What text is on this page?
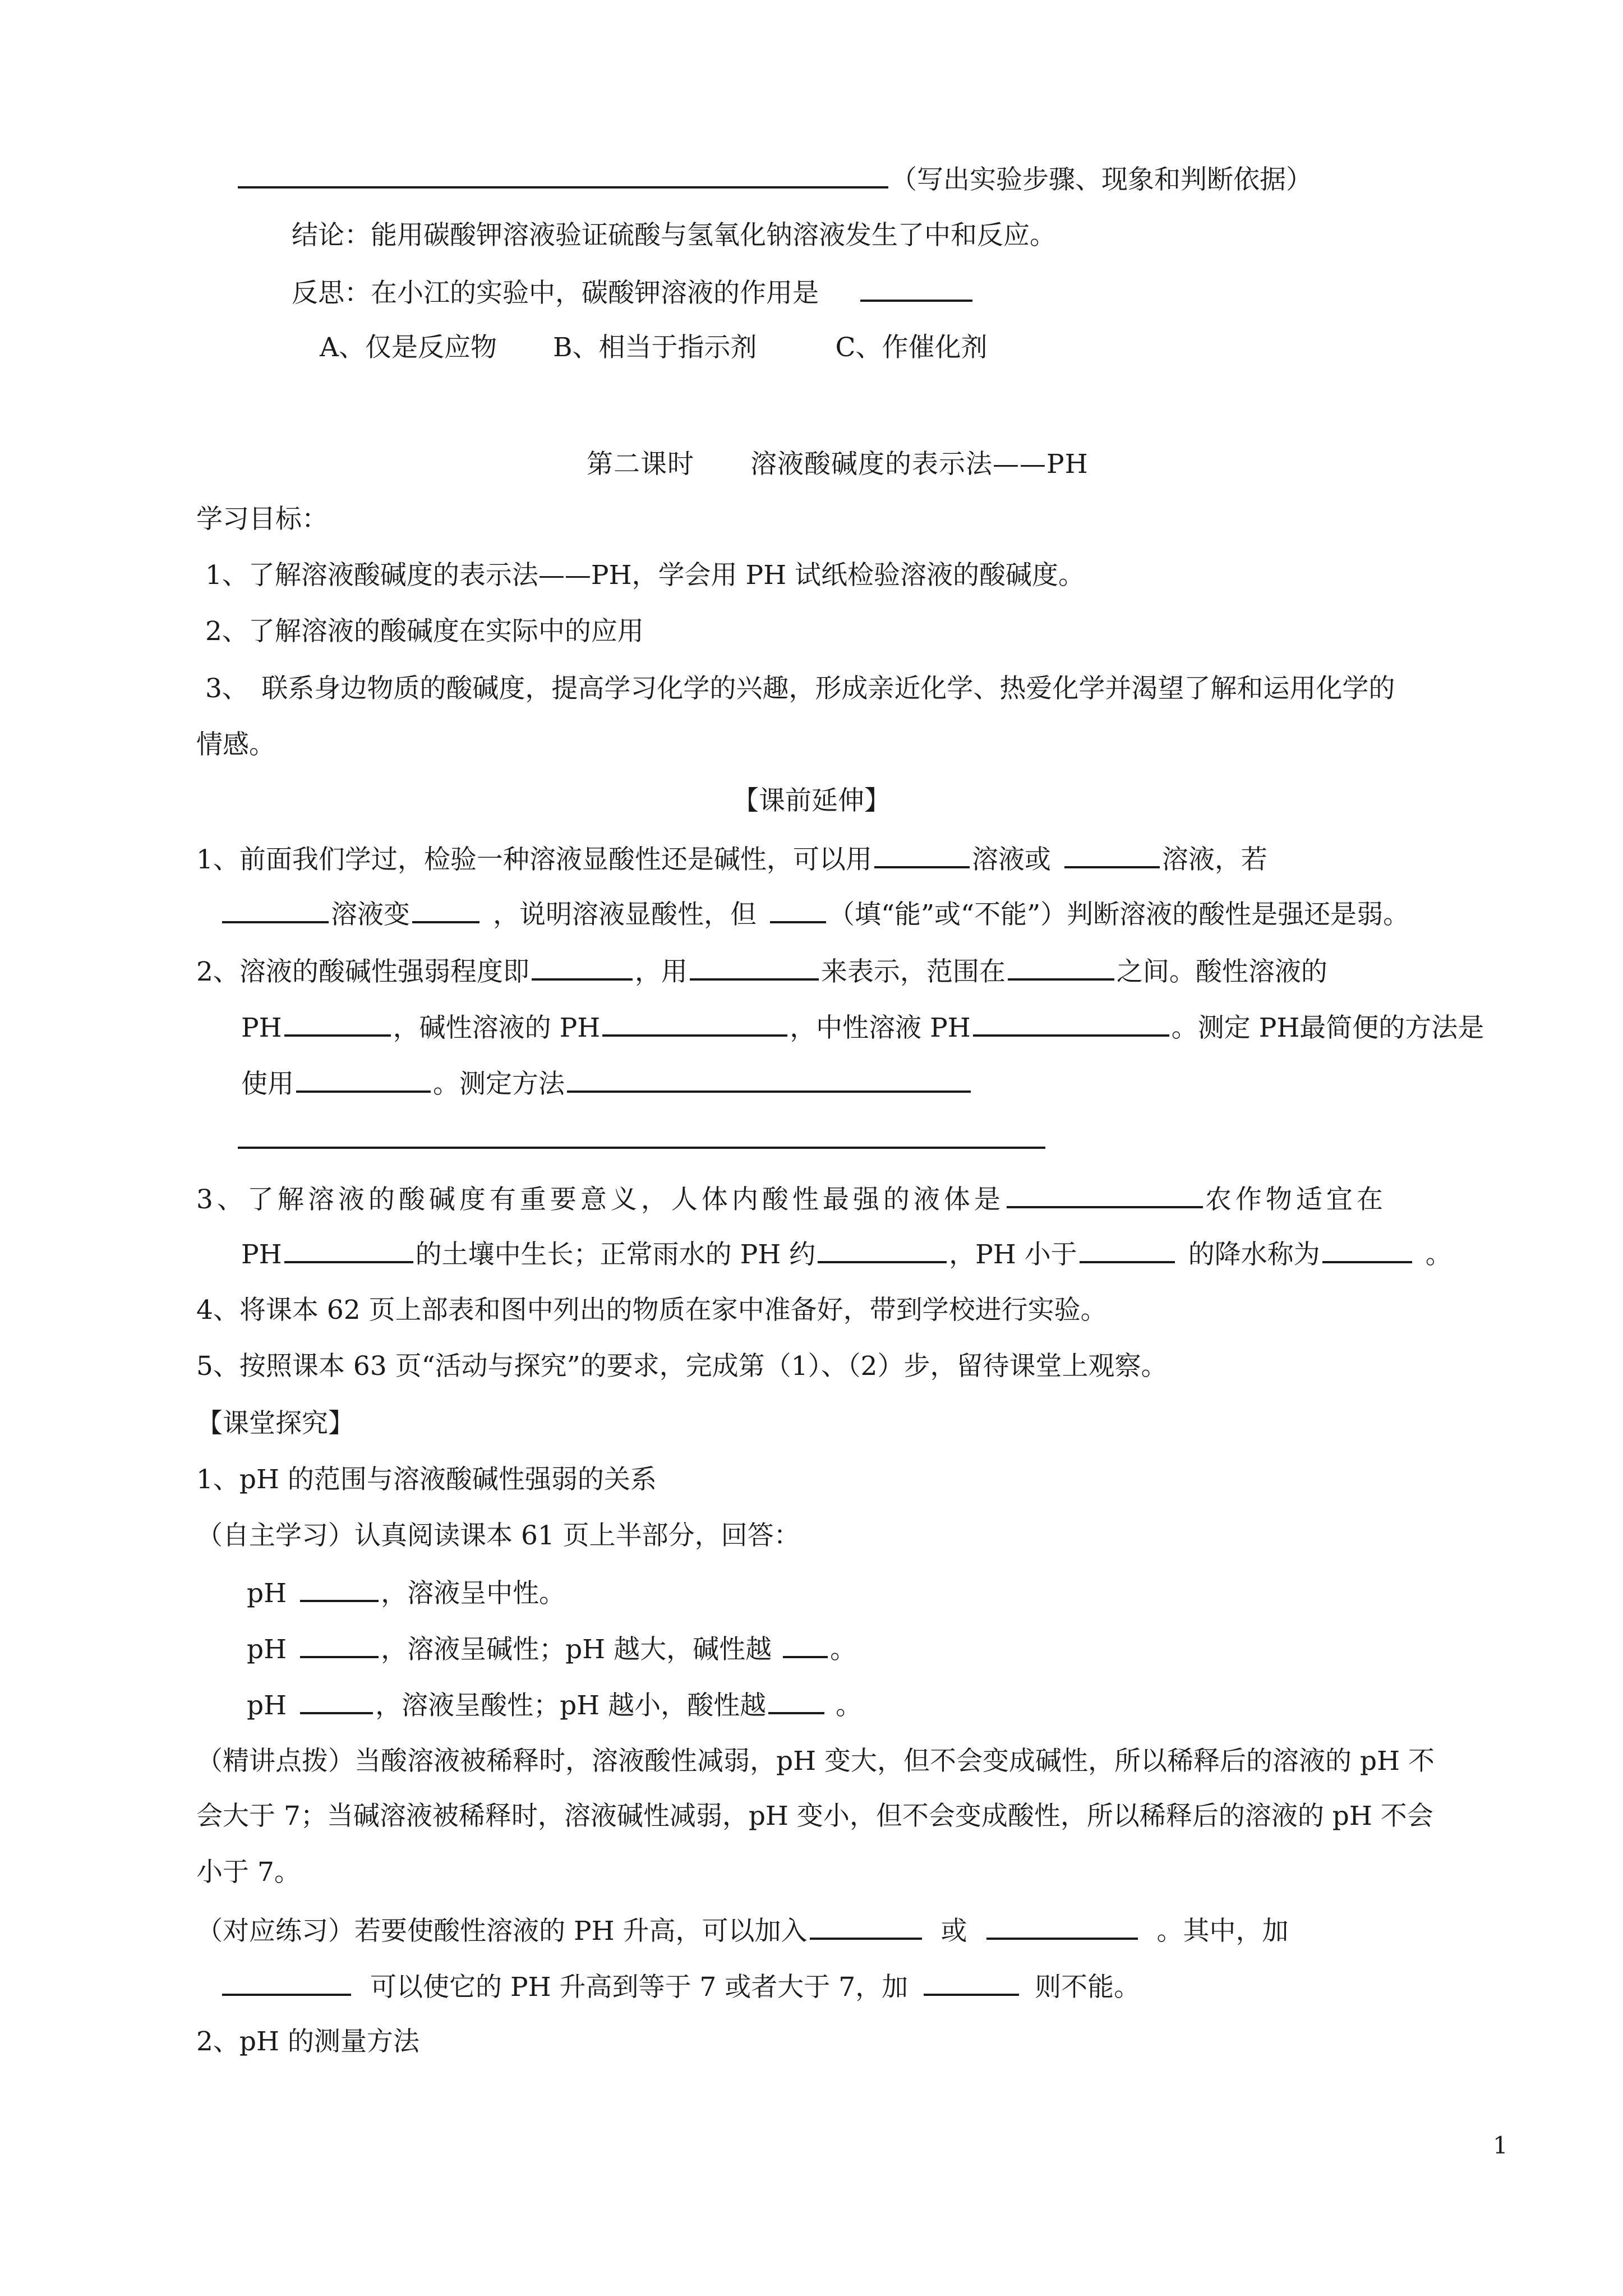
（写出实验步骤、现象和判断依据）
结论：能用碳酸钾溶液验证硫酸与氢氧化钠溶液发生了中和反应。
反思：在小江的实验中，碳酸钾溶液的作用是
A、仅是反应物 B、相当于指示剂	C、作催化剂
第二课时 溶液酸碱度的表示法——PH
学习目标：
1、了解溶液酸碱度的表示法——PH，学会用 PH 试纸检验溶液的酸碱度。
2、了解溶液的酸碱度在实际中的应用
3、　联系身边物质的酸碱度，提高学习化学的兴趣，形成亲近化学、热爱化学并渴望了解和运用化学的
情感。
【课前延伸】
1、前面我们学过，检验一种溶液显酸性还是碱性，可以用	溶液或	溶液，若
溶液变	，说明溶液显酸性，但	（填“能”或“不能”）判断溶液的酸性是强还是弱。
2、溶液的酸碱性强弱程度即	，用	来表示，范围在	之间。酸性溶液的
PH	，碱性溶液的 PH	，中性溶液 PH	。测定 PH最简便的方法是
使用	。测定方法
3、了解溶液的酸碱度有重要意义，人体内酸性最强的液体是	农作物适宜在
PH	的土壤中生长；正常雨水的 PH 约	，PH 小于	的降水称为	。
4、将课本 62 页上部表和图中列出的物质在家中准备好，带到学校进行实验。
5、按照课本 63 页“活动与探究”的要求，完成第（1）、（2）步，留待课堂上观察。
【课堂探究】
1、pH 的范围与溶液酸碱性强弱的关系
（自主学习）认真阅读课本 61 页上半部分，回答：
pH	，溶液呈中性。
pH	，溶液呈碱性；pH 越大，碱性越 。
pH	，溶液呈酸性；pH 越小，酸性越	。
（精讲点拨）当酸溶液被稀释时，溶液酸性减弱，pH 变大，但不会变成碱性，所以稀释后的溶液的 pH 不
会大于 7；当碱溶液被稀释时，溶液碱性减弱，pH 变小，但不会变成酸性，所以稀释后的溶液的 pH 不会
小于 7。
（对应练习）若要使酸性溶液的 PH 升高，可以加入	或	。其中，加
可以使它的 PH 升高到等于 7 或者大于 7，加	则不能。
2、pH 的测量方法
1
